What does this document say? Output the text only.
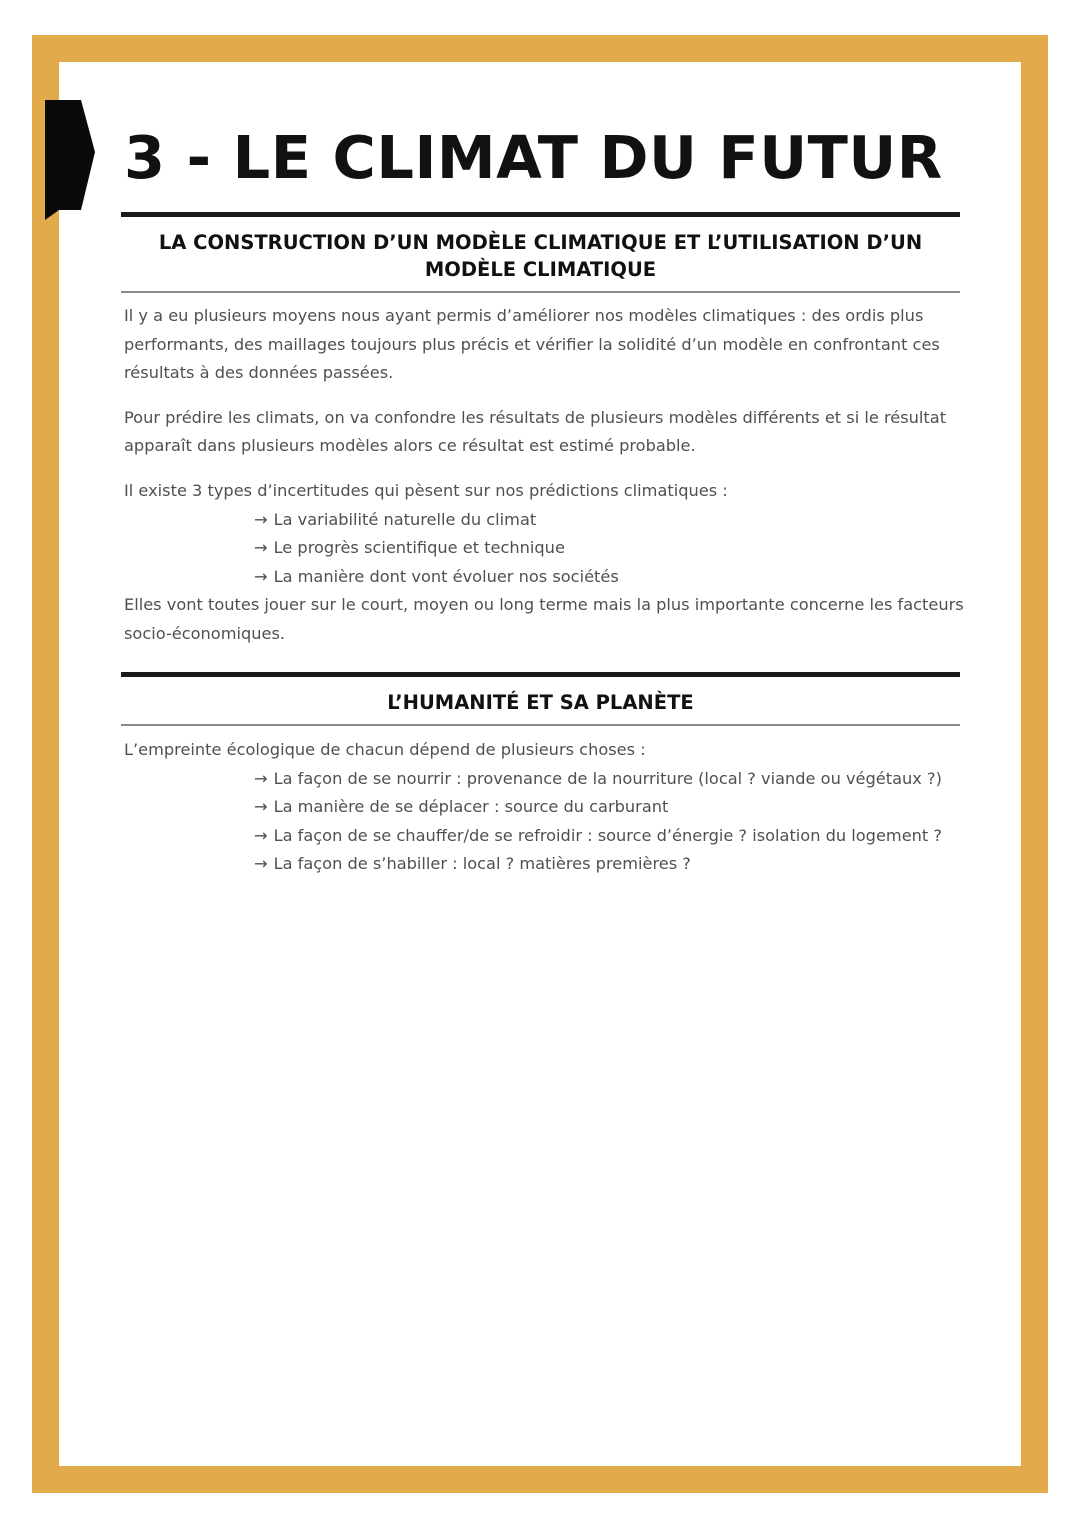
3 - LE CLIMAT DU FUTUR
LA CONSTRUCTION D’UN MODÈLE CLIMATIQUE ET L’UTILISATION D’UN MODÈLE CLIMATIQUE

Il y a eu plusieurs moyens nous ayant permis d’améliorer nos modèles climatiques : des ordis plus performants, des maillages toujours plus précis et vérifier la solidité d’un modèle en confrontant ces résultats à des données passées.

Pour prédire les climats, on va confondre les résultats de plusieurs modèles différents et si le résultat apparaît dans plusieurs modèles alors ce résultat est estimé probable.

Il existe 3 types d’incertitudes qui pèsent sur nos prédictions climatiques :

→ La variabilité naturelle du climat
→ Le progrès scientifique et technique
→ La manière dont vont évoluer nos sociétés

Elles vont toutes jouer sur le court, moyen ou long terme mais la plus importante concerne les facteurs socio-économiques.

L’HUMANITÉ ET SA PLANÈTE

L’empreinte écologique de chacun dépend de plusieurs choses :

→ La façon de se nourrir : provenance de la nourriture (local ? viande ou végétaux ?)
→ La manière de se déplacer : source du carburant
→ La façon de se chauffer/de se refroidir : source d’énergie ? isolation du logement ?
→ La façon de s’habiller : local ? matières premières ?
